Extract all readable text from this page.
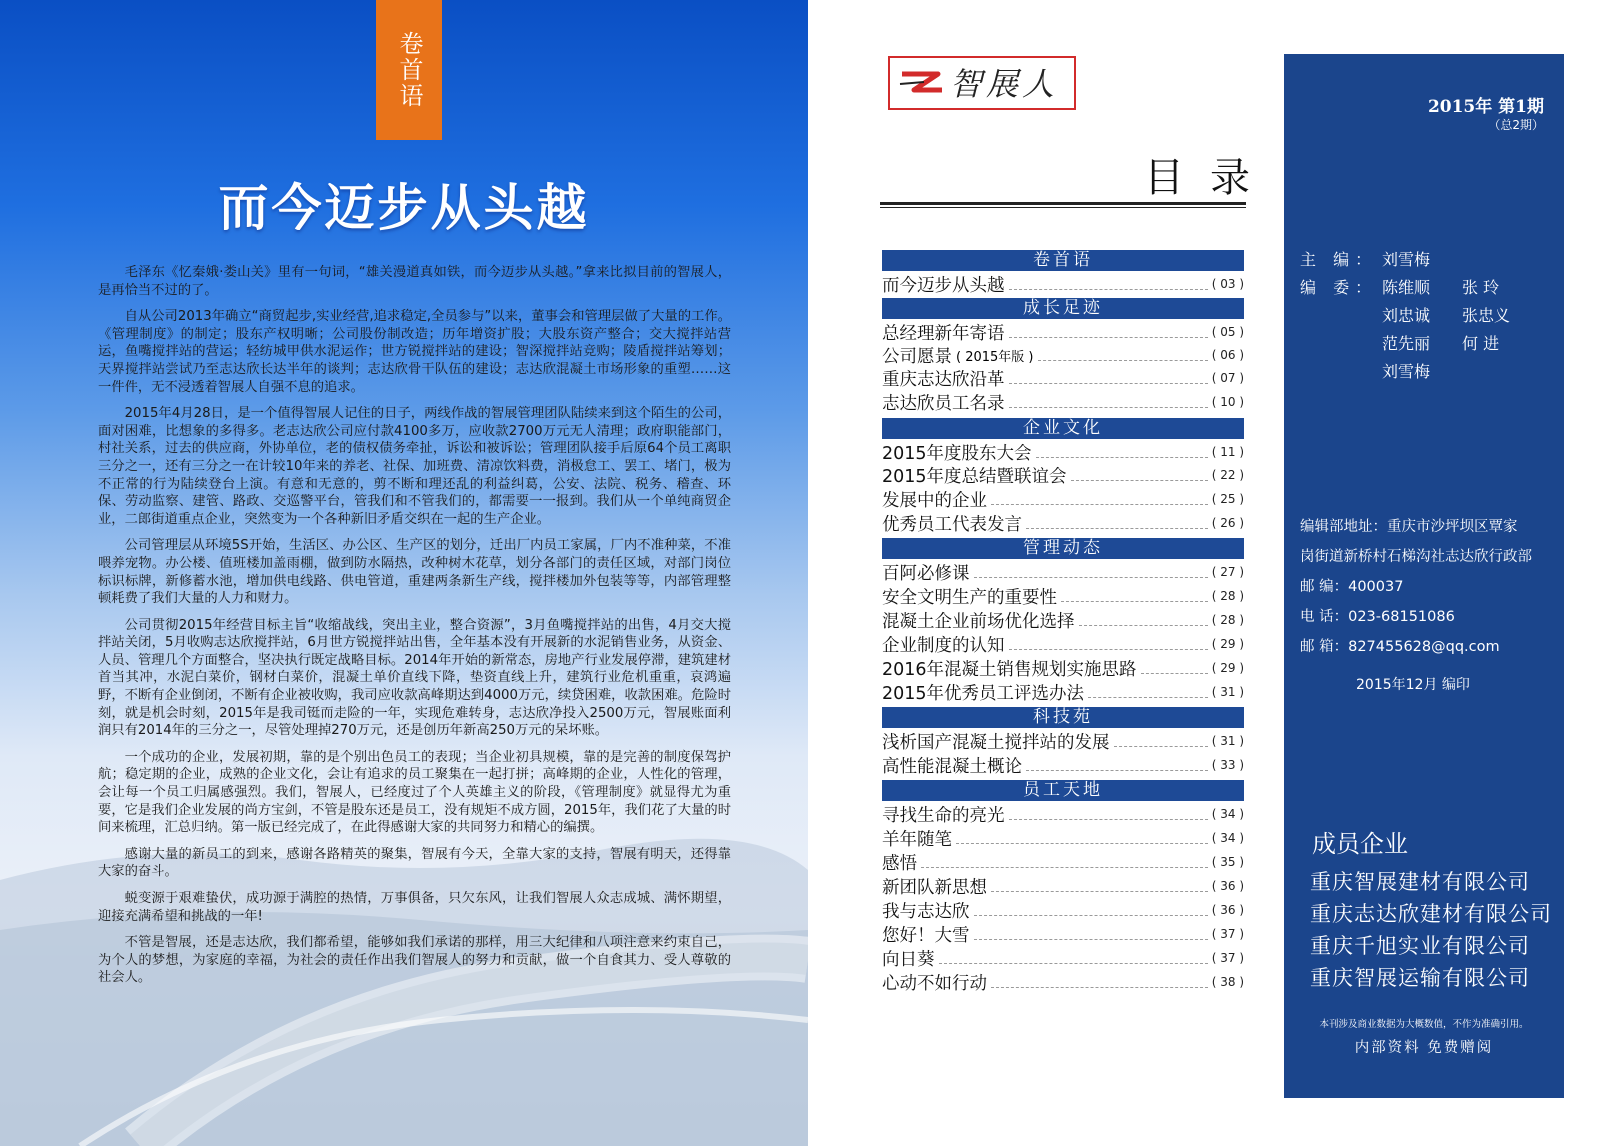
卷首语
而今迈步从头越

毛泽东《忆秦娥·娄山关》里有一句词，“雄关漫道真如铁，而今迈步从头越。”拿来比拟目前的智展人，是再恰当不过的了。

自从公司2013年确立“商贸起步,实业经营,追求稳定,全员参与”以来，董事会和管理层做了大量的工作。《管理制度》的制定；股东产权明晰；公司股份制改造；历年增资扩股；大股东资产整合；交大搅拌站营运，鱼嘴搅拌站的营运；轻纺城甲供水泥运作；世方锐搅拌站的建设；智深搅拌站竞购；陵盾搅拌站筹划；天界搅拌站尝试乃至志达欣长达半年的谈判；志达欣骨干队伍的建设；志达欣混凝土市场形象的重塑……这一件件，无不浸透着智展人自强不息的追求。

2015年4月28日，是一个值得智展人记住的日子，两线作战的智展管理团队陆续来到这个陌生的公司，面对困难，比想象的多得多。老志达欣公司应付款4100多万，应收款2700万元无人清理；政府职能部门，村社关系，过去的供应商，外协单位，老的债权债务牵扯，诉讼和被诉讼；管理团队接手后原64个员工离职三分之一，还有三分之一在计较10年来的养老、社保、加班费、清凉饮料费，消极怠工、罢工、堵门，极为不正常的行为陆续登台上演。有意和无意的，剪不断和理还乱的利益纠葛，公安、法院、税务、稽查、环保、劳动监察、建管、路政、交巡警平台，管我们和不管我们的，都需要一一报到。我们从一个单纯商贸企业，二郎街道重点企业，突然变为一个各种新旧矛盾交织在一起的生产企业。

公司管理层从环境5S开始，生活区、办公区、生产区的划分，迁出厂内员工家属，厂内不准种菜，不准喂养宠物。办公楼、值班楼加盖雨棚，做到防水隔热，改种树木花草，划分各部门的责任区域，对部门岗位标识标牌，新修蓄水池，增加供电线路、供电管道，重建两条新生产线，搅拌楼加外包装等等，内部管理整顿耗费了我们大量的人力和财力。

公司贯彻2015年经营目标主旨“收缩战线，突出主业，整合资源”，3月鱼嘴搅拌站的出售，4月交大搅拌站关闭，5月收购志达欣搅拌站，6月世方锐搅拌站出售，全年基本没有开展新的水泥销售业务，从资金、人员、管理几个方面整合，坚决执行既定战略目标。2014年开始的新常态，房地产行业发展停滞，建筑建材首当其冲，水泥白菜价，钢材白菜价，混凝土单价直线下降，垫资直线上升，建筑行业危机重重，哀鸿遍野，不断有企业倒闭，不断有企业被收购，我司应收款高峰期达到4000万元，续贷困难，收款困难。危险时刻，就是机会时刻，2015年是我司铤而走险的一年，实现危难转身，志达欣净投入2500万元，智展账面利润只有2014年的三分之一，尽管处理掉270万元，还是创历年新高250万元的呆坏账。

一个成功的企业，发展初期，靠的是个别出色员工的表现；当企业初具规模，靠的是完善的制度保驾护航；稳定期的企业，成熟的企业文化，会让有追求的员工聚集在一起打拼；高峰期的企业，人性化的管理，会让每一个员工归属感强烈。我们，智展人，已经度过了个人英雄主义的阶段，《管理制度》就显得尤为重要，它是我们企业发展的尚方宝剑，不管是股东还是员工，没有规矩不成方圆，2015年，我们花了大量的时间来梳理，汇总归纳。第一版已经完成了，在此得感谢大家的共同努力和精心的编撰。

感谢大量的新员工的到来，感谢各路精英的聚集，智展有今天，全靠大家的支持，智展有明天，还得靠大家的奋斗。

蜕变源于艰难蛰伏，成功源于满腔的热情，万事俱备，只欠东风，让我们智展人众志成城、满怀期望，迎接充满希望和挑战的一年!

不管是智展，还是志达欣，我们都希望，能够如我们承诺的那样，用三大纪律和八项注意来约束自己，为个人的梦想，为家庭的幸福，为社会的责任作出我们智展人的努力和贡献，做一个自食其力、受人尊敬的社会人。

智展人
目录
卷首语
而今迈步从头越	( 03 )
成长足迹
总经理新年寄语	( 05 )
公司愿景 ( 2015年版 )	( 06 )
重庆志达欣沿革	( 07 )
志达欣员工名录	( 10 )
企业文化
2015年度股东大会	( 11 )
2015年度总结暨联谊会	( 22 )
发展中的企业	( 25 )
优秀员工代表发言	( 26 )
管理动态
百阿必修课	( 27 )
安全文明生产的重要性	( 28 )
混凝土企业前场优化选择	( 28 )
企业制度的认知	( 29 )
2016年混凝土销售规划实施思路	( 29 )
2015年优秀员工评选办法	( 31 )
科技苑
浅析国产混凝土搅拌站的发展	( 31 )
高性能混凝土概论	( 33 )
员工天地
寻找生命的亮光	( 34 )
羊年随笔	( 34 )
感悟	( 35 )
新团队新思想	( 36 )
我与志达欣	( 36 )
您好！大雪	( 37 )
向日葵	( 37 )
心动不如行动	( 38 )
2015年 第1期
（总2期）
主 编： 刘雪梅
编 委： 陈维顺	张 玲
刘忠诚	张忠义
范先丽	何 进
刘雪梅
编辑部地址：重庆市沙坪坝区覃家
岗街道新桥村石梯沟社志达欣行政部
邮 编：400037
电 话：023-68151086
邮 箱：827455628@qq.com
2015年12月 编印
成员企业
重庆智展建材有限公司
重庆志达欣建材有限公司
重庆千旭实业有限公司
重庆智展运输有限公司
本刊涉及商业数据为大概数值，不作为准确引用。
内部资料 免费赠阅
